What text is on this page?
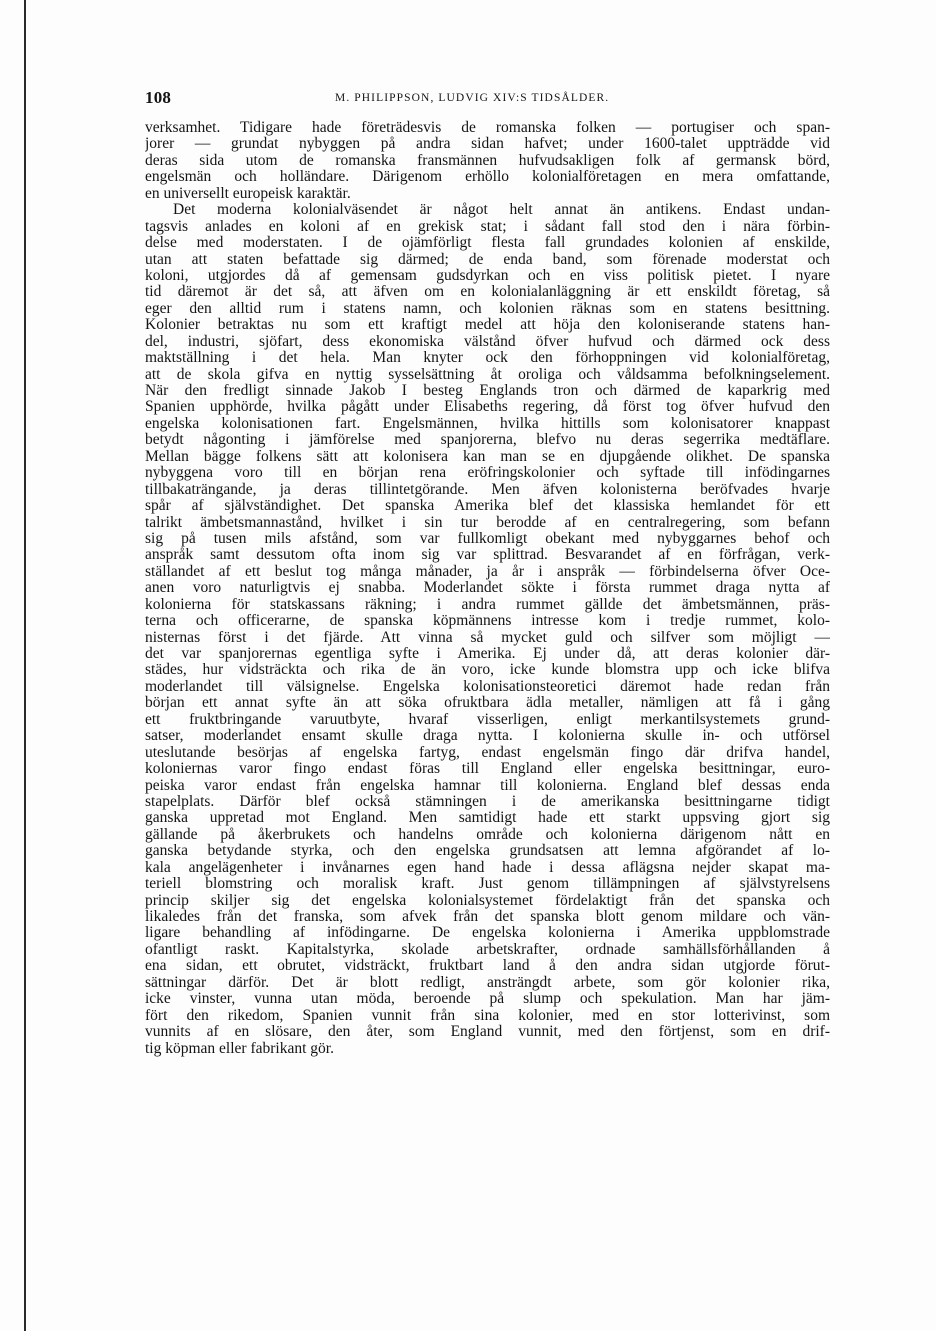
108	M. PHILIPPSON, LUDVIG XIV:S TIDSÅLDER.
verksamhet. Tidigare hade företrädesvis de romanska folken — portugiser och span-
jorer — grundat nybyggen på andra sidan hafvet; under 1600-talet uppträdde vid
deras sida utom de romanska fransmännen hufvudsakligen folk af germansk börd,
engelsmän och holländare. Därigenom erhöllo kolonialföretagen en mera omfattande,
en universellt europeisk karaktär.
Det moderna kolonialväsendet är något helt annat än antikens. Endast undan-
tagsvis anlades en koloni af en grekisk stat; i sådant fall stod den i nära förbin-
delse med moderstaten. I de ojämförligt flesta fall grundades kolonien af enskilde,
utan att staten befattade sig därmed; de enda band, som förenade moderstat och
koloni, utgjordes då af gemensam gudsdyrkan och en viss politisk pietet. I nyare
tid däremot är det så, att äfven om en kolonialanläggning är ett enskildt företag, så
eger den alltid rum i statens namn, och kolonien räknas som en statens besittning.
Kolonier betraktas nu som ett kraftigt medel att höja den koloniserande statens han-
del, industri, sjöfart, dess ekonomiska välstånd öfver hufvud och därmed ock dess
maktställning i det hela. Man knyter ock den förhoppningen vid kolonialföretag,
att de skola gifva en nyttig sysselsättning åt oroliga och våldsamma befolkningselement.
När den fredligt sinnade Jakob I besteg Englands tron och därmed de kaparkrig med
Spanien upphörde, hvilka pågått under Elisabeths regering, då först tog öfver hufvud den
engelska kolonisationen fart. Engelsmännen, hvilka hittills som kolonisatorer knappast
betydt någonting i jämförelse med spanjorerna, blefvo nu deras segerrika medtäflare.
Mellan bägge folkens sätt att kolonisera kan man se en djupgående olikhet. De spanska
nybyggena voro till en början rena eröfringskolonier och syftade till infödingarnes
tillbakaträngande, ja deras tillintetgörande. Men äfven kolonisterna beröfvades hvarje
spår af självständighet. Det spanska Amerika blef det klassiska hemlandet för ett
talrikt ämbetsmannastånd, hvilket i sin tur berodde af en centralregering, som befann
sig på tusen mils afstånd, som var fullkomligt obekant med nybyggarnes behof och
anspråk samt dessutom ofta inom sig var splittrad. Besvarandet af en förfrågan, verk-
ställandet af ett beslut tog många månader, ja år i anspråk — förbindelserna öfver Oce-
anen voro naturligtvis ej snabba. Moderlandet sökte i första rummet draga nytta af
kolonierna för statskassans räkning; i andra rummet gällde det ämbetsmännen, präs-
terna och officerarne, de spanska köpmännens intresse kom i tredje rummet, kolo-
nisternas först i det fjärde. Att vinna så mycket guld och silfver som möjligt —
det var spanjorernas egentliga syfte i Amerika. Ej under då, att deras kolonier där-
städes, hur vidsträckta och rika de än voro, icke kunde blomstra upp och icke blifva
moderlandet till välsignelse. Engelska kolonisationsteoretici däremot hade redan från
början ett annat syfte än att söka ofruktbara ädla metaller, nämligen att få i gång
ett fruktbringande varuutbyte, hvaraf visserligen, enligt merkantilsystemets grund-
satser, moderlandet ensamt skulle draga nytta. I kolonierna skulle in- och utförsel
uteslutande besörjas af engelska fartyg, endast engelsmän fingo där drifva handel,
koloniernas varor fingo endast föras till England eller engelska besittningar, euro-
peiska varor endast från engelska hamnar till kolonierna. England blef dessas enda
stapelplats. Därför blef också stämningen i de amerikanska besittningarne tidigt
ganska uppretad mot England. Men samtidigt hade ett starkt uppsving gjort sig
gällande på åkerbrukets och handelns område och kolonierna därigenom nått en
ganska betydande styrka, och den engelska grundsatsen att lemna afgörandet af lo-
kala angelägenheter i invånarnes egen hand hade i dessa aflägsna nejder skapat ma-
teriell blomstring och moralisk kraft. Just genom tillämpningen af självstyrelsens
princip skiljer sig det engelska kolonialsystemet fördelaktigt från det spanska och
likaledes från det franska, som afvek från det spanska blott genom mildare och vän-
ligare behandling af infödingarne. De engelska kolonierna i Amerika uppblomstrade
ofantligt raskt. Kapitalstyrka, skolade arbetskrafter, ordnade samhällsförhållanden å
ena sidan, ett obrutet, vidsträckt, fruktbart land å den andra sidan utgjorde förut-
sättningar därför. Det är blott redligt, ansträngdt arbete, som gör kolonier rika,
icke vinster, vunna utan möda, beroende på slump och spekulation. Man har jäm-
fört den rikedom, Spanien vunnit från sina kolonier, med en stor lotterivinst, som
vunnits af en slösare, den åter, som England vunnit, med den förtjenst, som en drif-
tig köpman eller fabrikant gör.
